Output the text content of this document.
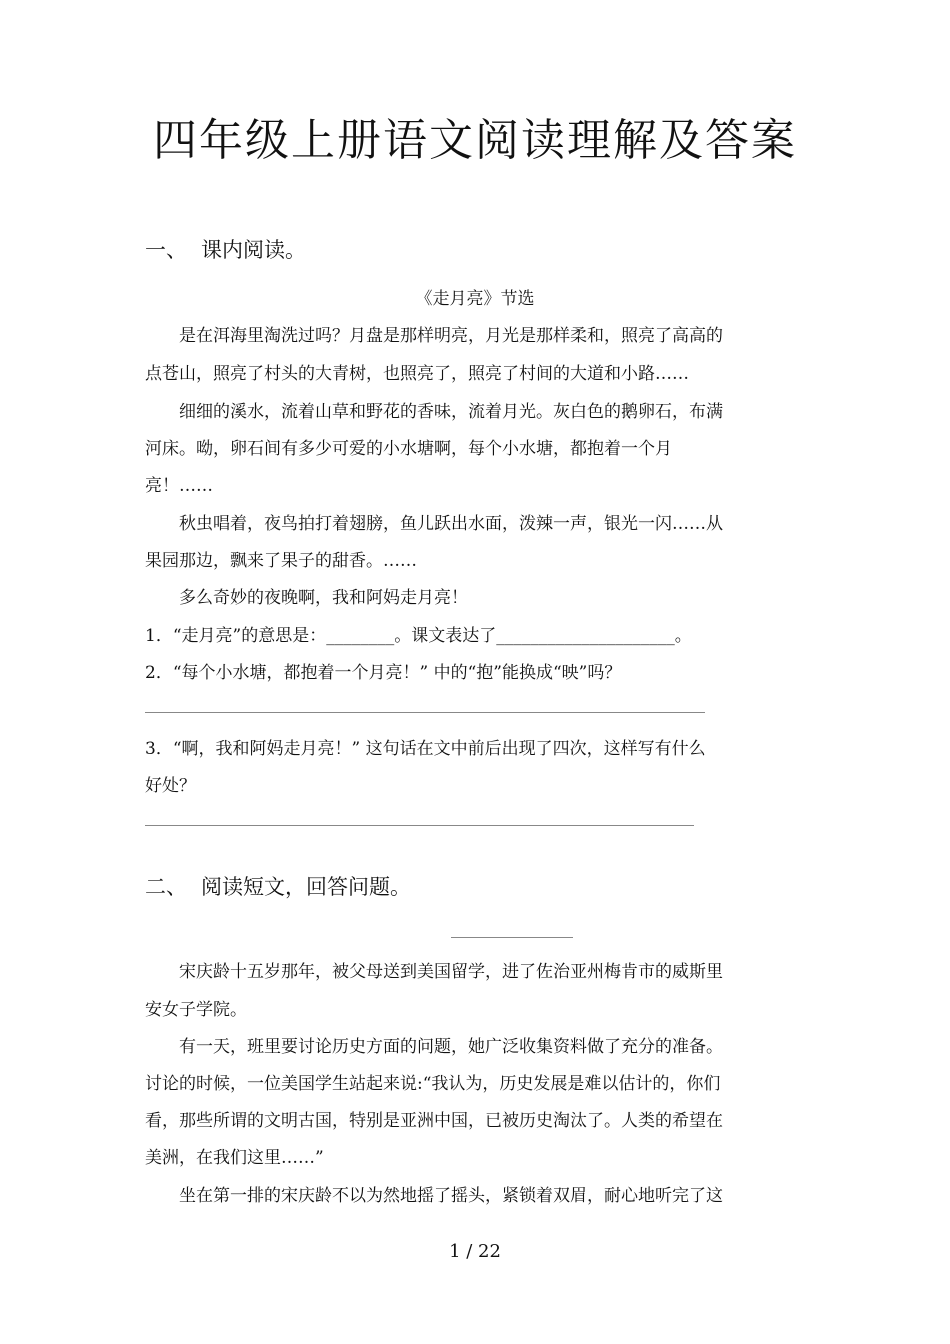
四年级上册语文阅读理解及答案
一、 课内阅读。
《走月亮》节选
是在洱海里淘洗过吗？月盘是那样明亮，月光是那样柔和，照亮了高高的
点苍山，照亮了村头的大青树，也照亮了，照亮了村间的大道和小路……
细细的溪水，流着山草和野花的香味，流着月光。灰白色的鹅卵石，布满
河床。呦，卵石间有多少可爱的小水塘啊，每个小水塘，都抱着一个月
亮！……
秋虫唱着，夜鸟拍打着翅膀，鱼儿跃出水面，泼辣一声，银光一闪……从
果园那边，飘来了果子的甜香。……
多么奇妙的夜晚啊，我和阿妈走月亮！
1．“走月亮”的意思是：________。课文表达了_____________________。
2．“每个小水塘，都抱着一个月亮！” 中的“抱”能换成“映”吗？
3．“啊，我和阿妈走月亮！” 这句话在文中前后出现了四次，这样写有什么
好处？
二、 阅读短文，回答问题。
宋庆龄十五岁那年，被父母送到美国留学，进了佐治亚州梅肯市的威斯里
安女子学院。
有一天，班里要讨论历史方面的问题，她广泛收集资料做了充分的准备。
讨论的时候，一位美国学生站起来说:“我认为，历史发展是难以估计的，你们
看，那些所谓的文明古国，特别是亚洲中国，已被历史淘汰了。人类的希望在
美洲，在我们这里……”
坐在第一排的宋庆龄不以为然地摇了摇头，紧锁着双眉，耐心地听完了这
1 / 22
